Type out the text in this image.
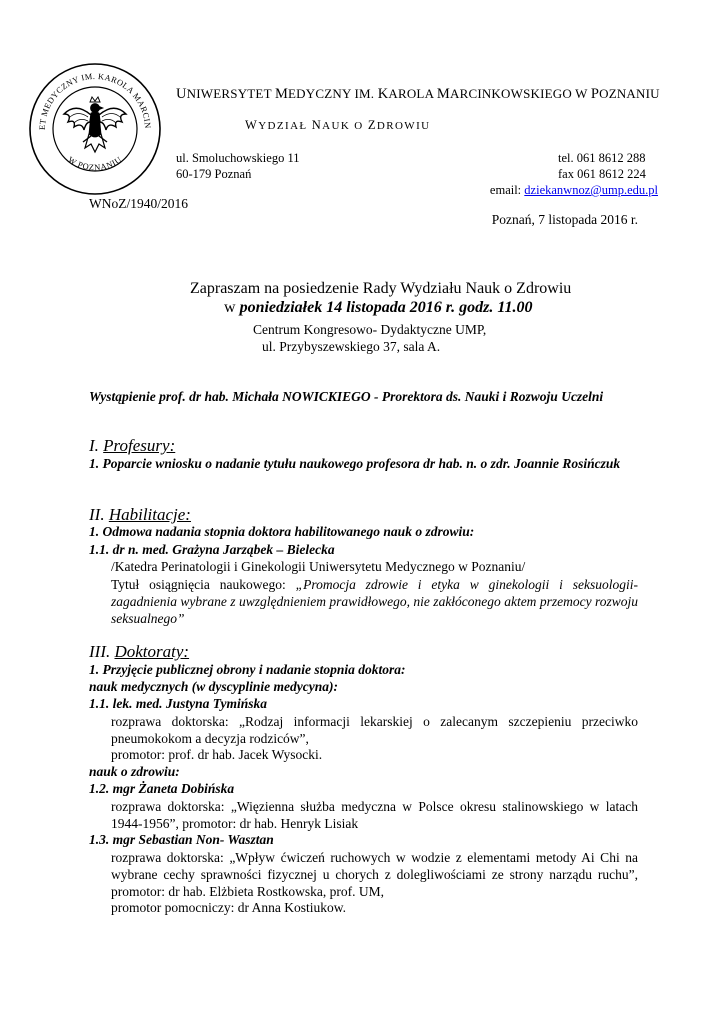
ET MEDYCZNY IM. KAROLA MARCIN
W POZNANIU
UNIWERSYTET MEDYCZNY IM. KAROLA MARCINKOWSKIEGO W POZNANIU
WYDZIAŁ NAUK O ZDROWIU
ul. Smoluchowskiego 11
60-179 Poznań
tel. 061 8612 288
fax 061 8612 224
email: dziekanwnoz@ump.edu.pl
WNoZ/1940/2016
Poznań, 7 listopada 2016 r.
Zapraszam na posiedzenie Rady Wydziału Nauk o Zdrowiu
w poniedziałek 14 listopada 2016 r. godz. 11.00
Centrum Kongresowo- Dydaktyczne UMP,
ul. Przybyszewskiego 37, sala A.
Wystąpienie prof. dr hab. Michała NOWICKIEGO - Prorektora ds. Nauki i Rozwoju Uczelni
I. Profesury:
1. Poparcie wniosku o nadanie tytułu naukowego profesora dr hab. n. o zdr. Joannie Rosińczuk
II. Habilitacje:
1. Odmowa nadania stopnia doktora habilitowanego nauk o zdrowiu:
1.1. dr n. med. Grażyna Jarząbek – Bielecka
/Katedra Perinatologii i Ginekologii Uniwersytetu Medycznego w Poznaniu/
Tytuł osiągnięcia naukowego: „Promocja zdrowie i etyka w ginekologii i seksuologii- zagadnienia wybrane z uwzględnieniem prawidłowego, nie zakłóconego aktem przemocy rozwoju seksualnego”
III. Doktoraty:
1. Przyjęcie publicznej obrony i nadanie stopnia doktora:
nauk medycznych (w dyscyplinie medycyna):
1.1. lek. med. Justyna Tymińska
rozprawa doktorska: „Rodzaj informacji lekarskiej o zalecanym szczepieniu przeciwko pneumokokom a decyzja rodziców”,
promotor: prof. dr hab. Jacek Wysocki.
nauk o zdrowiu:
1.2. mgr Żaneta Dobińska
rozprawa doktorska: „Więzienna służba medyczna w Polsce okresu stalinowskiego w latach 1944-1956”, promotor: dr hab. Henryk Lisiak
1.3. mgr Sebastian Non- Wasztan
rozprawa doktorska: „Wpływ ćwiczeń ruchowych w wodzie z elementami metody Ai Chi na wybrane cechy sprawności fizycznej u chorych z dolegliwościami ze strony narządu ruchu”, promotor: dr hab. Elżbieta Rostkowska, prof. UM,
promotor pomocniczy: dr Anna Kostiukow.
